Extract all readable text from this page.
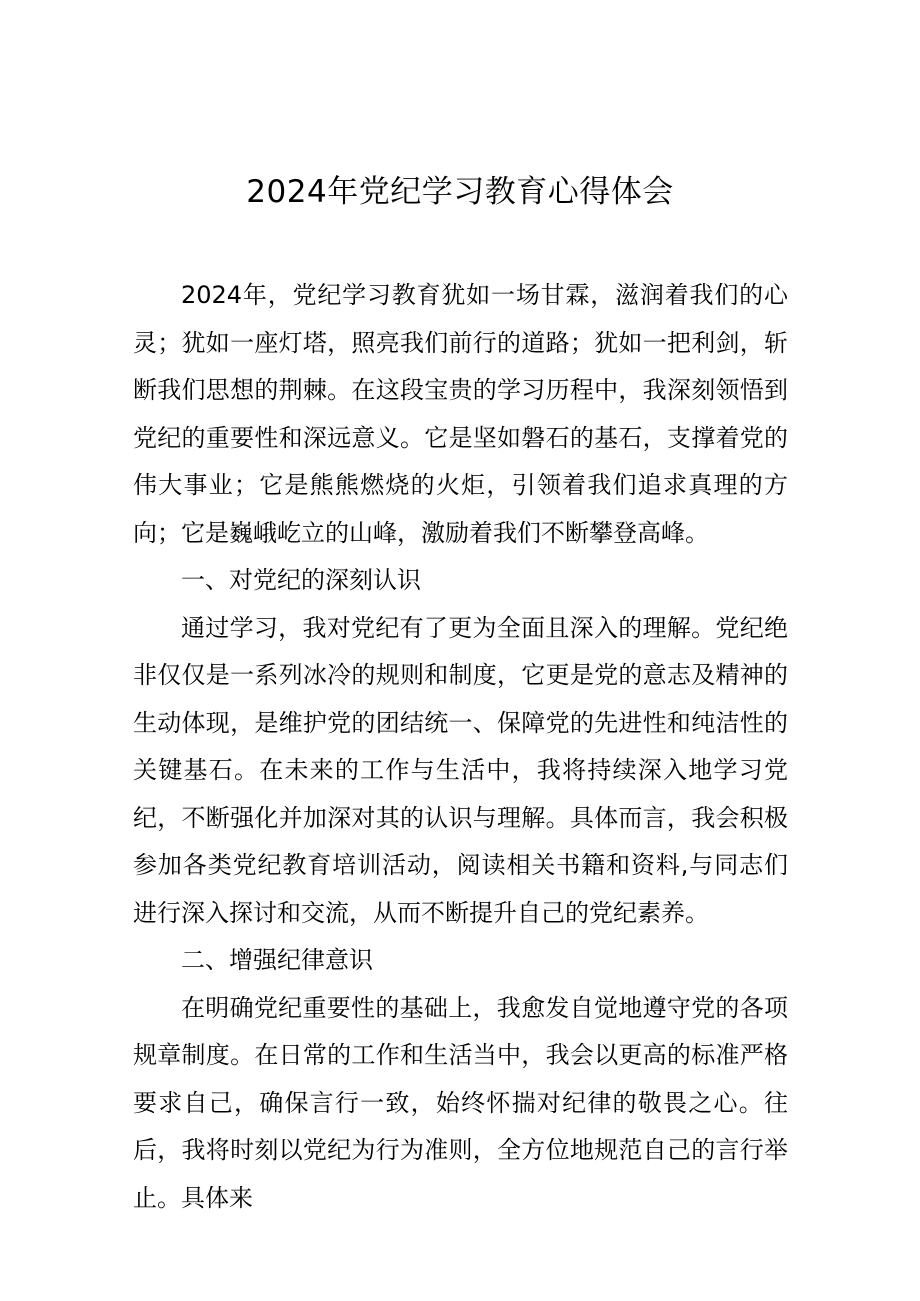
2024年党纪学习教育心得体会

2024年，党纪学习教育犹如一场甘霖，滋润着我们的心灵；犹如一座灯塔，照亮我们前行的道路；犹如一把利剑，斩断我们思想的荆棘。在这段宝贵的学习历程中，我深刻领悟到党纪的重要性和深远意义。它是坚如磐石的基石，支撑着党的伟大事业；它是熊熊燃烧的火炬，引领着我们追求真理的方向；它是巍峨屹立的山峰，激励着我们不断攀登高峰。

一、对党纪的深刻认识

通过学习，我对党纪有了更为全面且深入的理解。党纪绝非仅仅是一系列冰冷的规则和制度，它更是党的意志及精神的生动体现，是维护党的团结统一、保障党的先进性和纯洁性的关键基石。在未来的工作与生活中，我将持续深入地学习党纪，不断强化并加深对其的认识与理解。具体而言，我会积极参加各类党纪教育培训活动，阅读相关书籍和资料,与同志们进行深入探讨和交流，从而不断提升自己的党纪素养。

二、增强纪律意识

在明确党纪重要性的基础上，我愈发自觉地遵守党的各项规章制度。在日常的工作和生活当中，我会以更高的标准严格要求自己，确保言行一致，始终怀揣对纪律的敬畏之心。往后，我将时刻以党纪为行为准则，全方位地规范自己的言行举止。具体来
